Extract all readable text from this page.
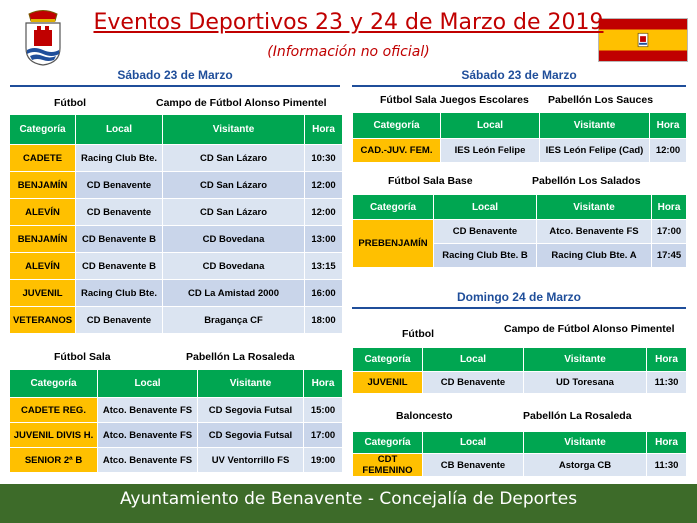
Eventos Deportivos 23 y 24 de Marzo de 2019
(Información no oficial)
Sábado 23 de Marzo
Fútbol	Campo de Fútbol Alonso Pimentel
Categoría	Local	Visitante	Hora
CADETE	Racing Club Bte.	CD San Lázaro	10:30
BENJAMÍN	CD Benavente	CD San Lázaro	12:00
ALEVÍN	CD Benavente	CD San Lázaro	12:00
BENJAMÍN	CD Benavente B	CD Bovedana	13:00
ALEVÍN	CD Benavente B	CD Bovedana	13:15
JUVENIL	Racing Club Bte.	CD La Amistad 2000	16:00
VETERANOS	CD Benavente	Bragança CF	18:00
Fútbol Sala	Pabellón La Rosaleda
Categoría	Local	Visitante	Hora
CADETE REG.	Atco. Benavente FS	CD Segovia Futsal	15:00
JUVENIL DIVIS H.	Atco. Benavente FS	CD Segovia Futsal	17:00
SENIOR 2ª B	Atco. Benavente FS	UV Ventorrillo FS	19:00
Sábado 23 de Marzo
Fútbol Sala Juegos Escolares Pabellón Los Sauces
Categoría	Local	Visitante	Hora
CAD.-JUV. FEM.	IES León Felipe	IES León Felipe (Cad)	12:00
Fútbol Sala Base	Pabellón Los Salados
Categoría	Local	Visitante	Hora
PREBENJAMÍN	CD Benavente	Atco. Benavente FS	17:00
	Racing Club Bte. B	Racing Club Bte. A	17:45
Domingo 24 de Marzo
Fútbol	Campo de Fútbol Alonso Pimentel
Categoría	Local	Visitante	Hora
JUVENIL	CD Benavente	UD Toresana	11:30
Baloncesto	Pabellón La Rosaleda
Categoría	Local	Visitante	Hora
CDT FEMENINO	CB Benavente	Astorga CB	11:30
Ayuntamiento de Benavente - Concejalía de Deportes
